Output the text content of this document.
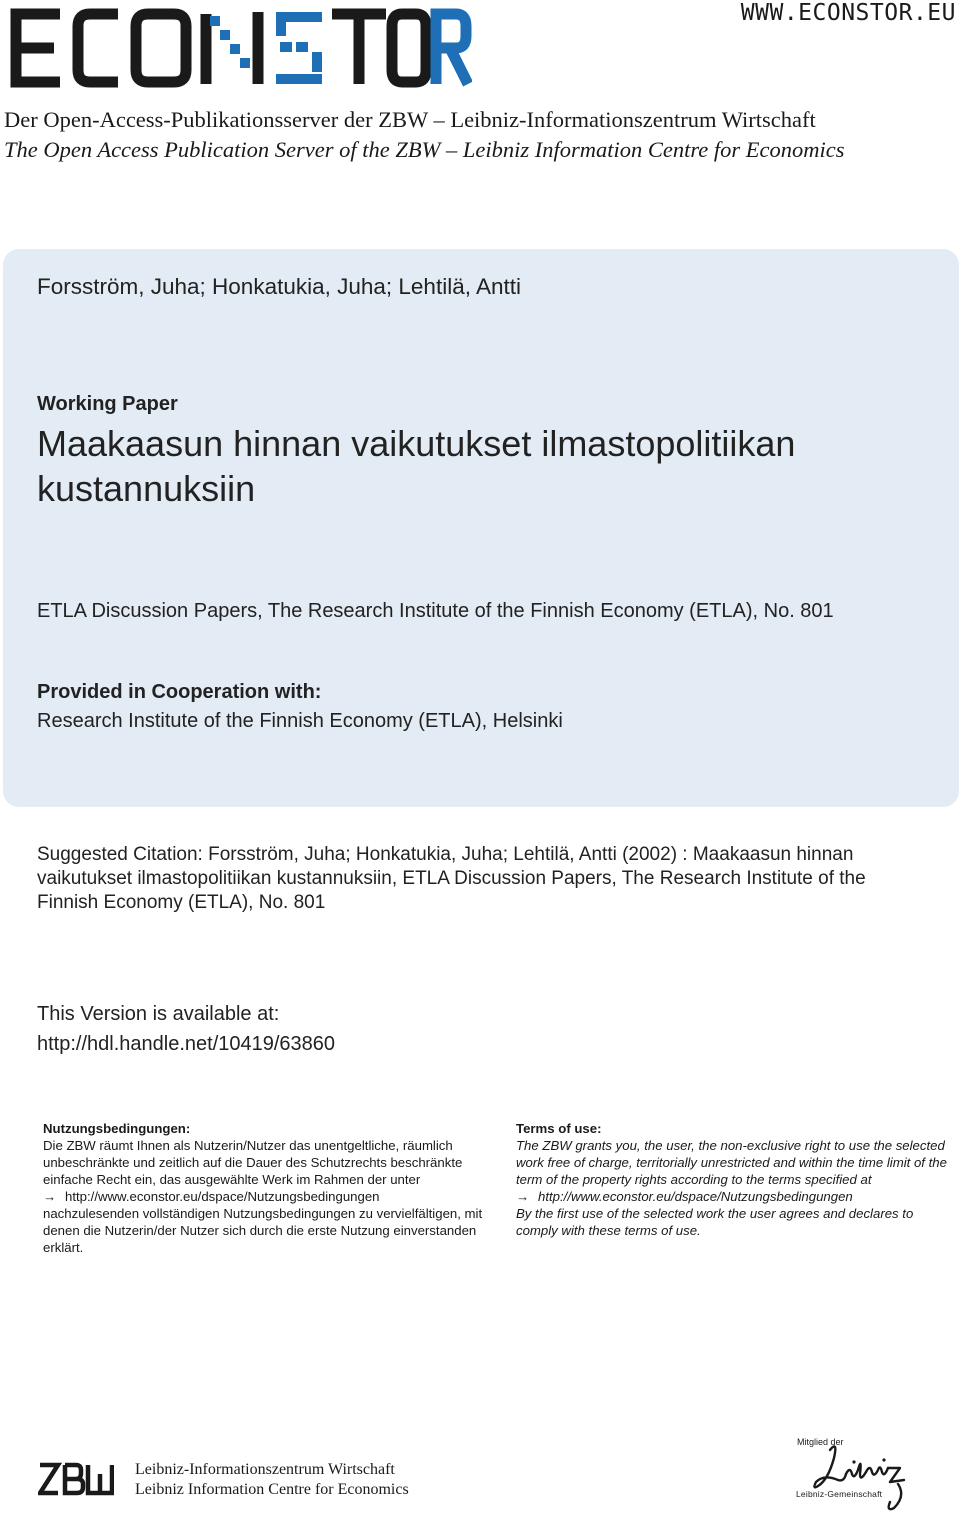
WWW.ECONSTOR.EU
Der Open-Access-Publikationsserver der ZBW – Leibniz-Informationszentrum Wirtschaft
The Open Access Publication Server of the ZBW – Leibniz Information Centre for Economics
Forsström, Juha; Honkatukia, Juha; Lehtilä, Antti
Working Paper
Maakaasun hinnan vaikutukset ilmastopolitiikan kustannuksiin
ETLA Discussion Papers, The Research Institute of the Finnish Economy (ETLA), No. 801
Provided in Cooperation with:
Research Institute of the Finnish Economy (ETLA), Helsinki
Suggested Citation: Forsström, Juha; Honkatukia, Juha; Lehtilä, Antti (2002) : Maakaasun hinnan vaikutukset ilmastopolitiikan kustannuksiin, ETLA Discussion Papers, The Research Institute of the Finnish Economy (ETLA), No. 801
This Version is available at:
http://hdl.handle.net/10419/63860
Nutzungsbedingungen:
Die ZBW räumt Ihnen als Nutzerin/Nutzer das unentgeltliche, räumlich unbeschränkte und zeitlich auf die Dauer des Schutzrechts beschränkte einfache Recht ein, das ausgewählte Werk im Rahmen der unter
→ http://www.econstor.eu/dspace/Nutzungsbedingungen
nachzulesenden vollständigen Nutzungsbedingungen zu vervielfältigen, mit denen die Nutzerin/der Nutzer sich durch die erste Nutzung einverstanden erklärt.
Terms of use:
The ZBW grants you, the user, the non-exclusive right to use the selected work free of charge, territorially unrestricted and within the time limit of the term of the property rights according to the terms specified at
→ http://www.econstor.eu/dspace/Nutzungsbedingungen
By the first use of the selected work the user agrees and declares to comply with these terms of use.
Leibniz-Informationszentrum Wirtschaft
Leibniz Information Centre for Economics
Mitglied der
Leibniz-Gemeinschaft
